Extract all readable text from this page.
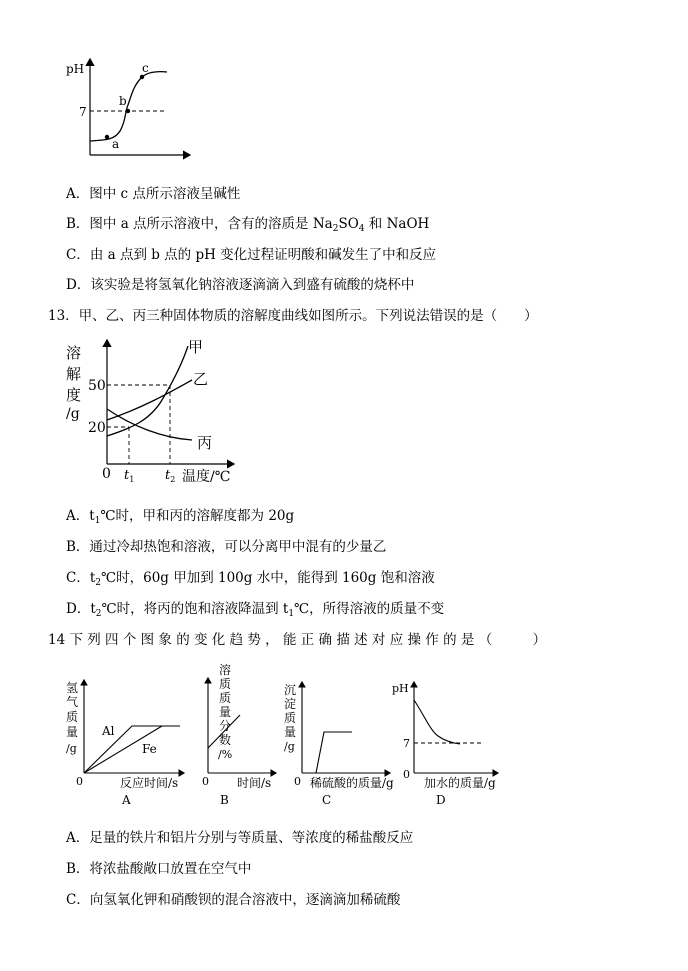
pH
7
a
b
c
A．图中 c 点所示溶液呈碱性
B．图中 a 点所示溶液中，含有的溶质是 $Na_2SO_4$ 和 NaOH
C．由 a 点到 b 点的 pH 变化过程证明酸和碱发生了中和反应
D．该实验是将氢氧化钠溶液逐滴滴入到盛有硫酸的烧杯中
13．甲、乙、丙三种固体物质的溶解度曲线如图所示。下列说法错误的是（　　）
溶
解
度
/g
50
20
0 $t_1$ $t_2$ 温度/℃
甲
乙
丙
A．$t_1℃$时，甲和丙的溶解度都为 20g
B．通过冷却热饱和溶液，可以分离甲中混有的少量乙
C．$t_2℃$时，60g 甲加到 100g 水中，能得到 160g 饱和溶液
D．$t_2℃$时，将丙的饱和溶液降温到 $t_1℃$，所得溶液的质量不变
14 下 列 四 个 图 象 的 变 化 趋 势 ， 能 正 确 描 述 对 应 操 作 的 是 （　　　）
氢
气
质
量
/g
Al
Fe
0	反应时间/s
A
溶
质
质
量
分
数
/%
0 时间/s
B
沉
淀
质
量
/g
0 稀硫酸的质量/g
C
pH
7
0
加水的质量/g
D
A．足量的铁片和铝片分别与等质量、等浓度的稀盐酸反应
B．将浓盐酸敞口放置在空气中
C．向氢氧化钾和硝酸钡的混合溶液中，逐滴滴加稀硫酸
